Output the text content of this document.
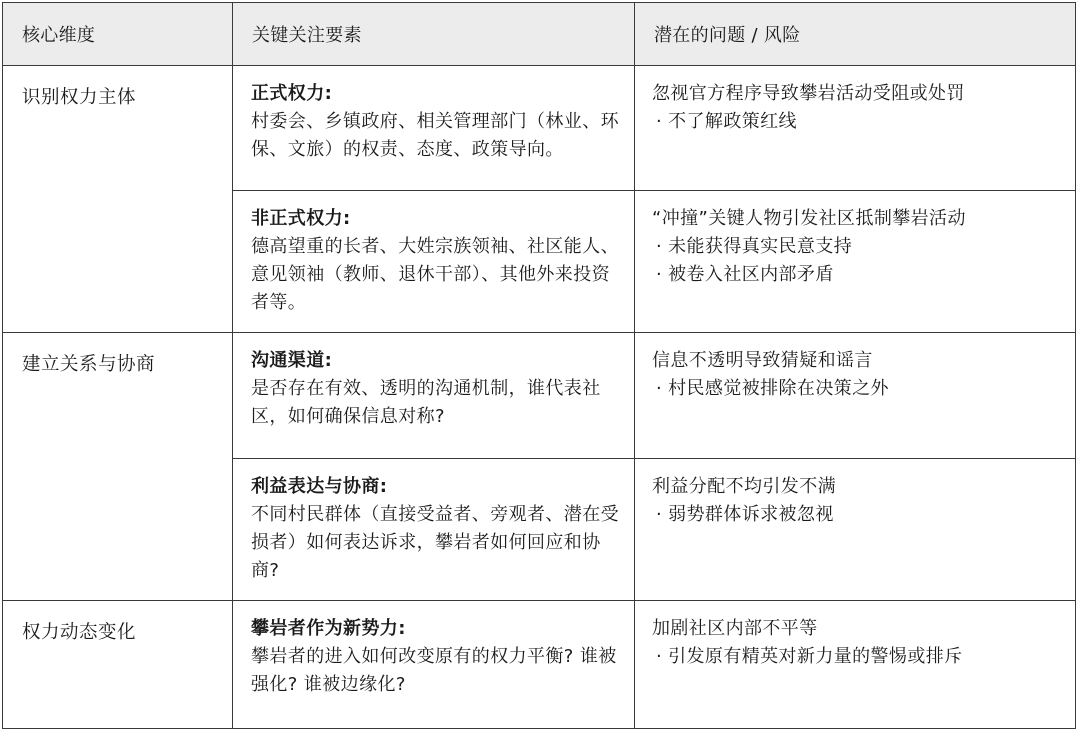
核心维度	关键关注要素	潜在的问题 / 风险
识别权力主体	正式权力:
村委会、乡镇政府、相关管理部门（林业、环保、文旅）的权责、态度、政策导向。	忽视官方程序导致攀岩活动受阻或处罚
· 不了解政策红线

	非正式权力:
德高望重的长者、大姓宗族领袖、社区能人、意见领袖（教师、退休干部）、其他外来投资者等。	“冲撞”关键人物引发社区抵制攀岩活动
· 未能获得真实民意支持
· 被卷入社区内部矛盾

建立关系与协商	沟通渠道:
是否存在有效、透明的沟通机制，谁代表社区，如何确保信息对称?	信息不透明导致猜疑和谣言
· 村民感觉被排除在决策之外

	利益表达与协商:
不同村民群体（直接受益者、旁观者、潜在受损者）如何表达诉求，攀岩者如何回应和协商?	利益分配不均引发不满
· 弱势群体诉求被忽视

权力动态变化	攀岩者作为新势力:
攀岩者的进入如何改变原有的权力平衡? 谁被强化? 谁被边缘化?	加剧社区内部不平等
· 引发原有精英对新力量的警惕或排斥
